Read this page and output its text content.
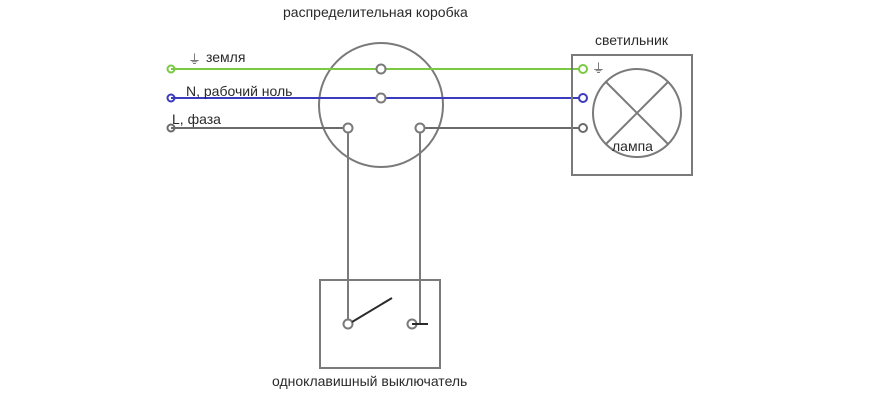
распределительная коробка
светильник
⏚ земля
N, рабочий ноль
L, фаза
⏚
лампа
одноклавишный выключатель
